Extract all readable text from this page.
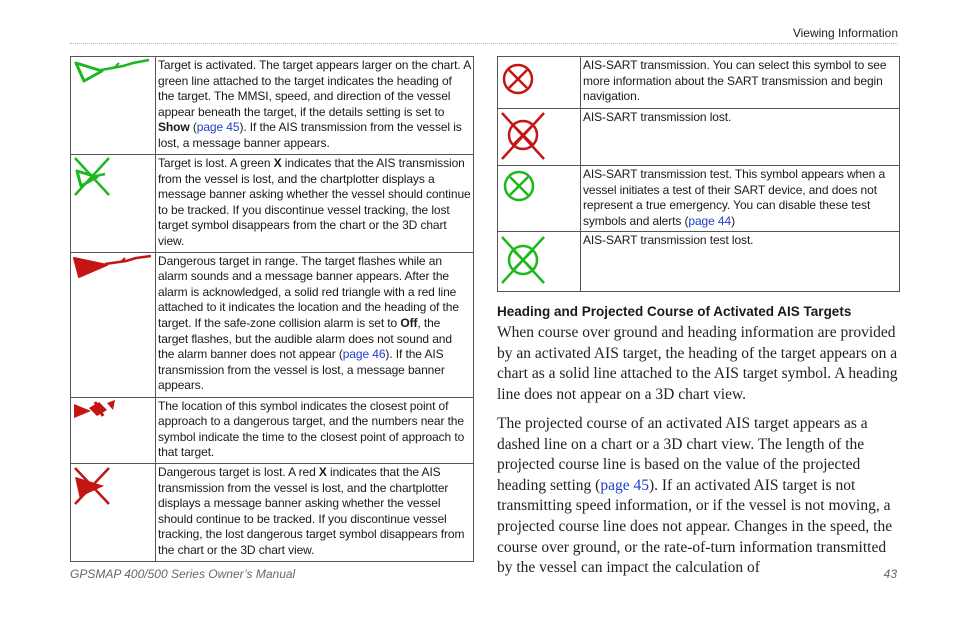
Viewing Information
	Target is activated. The target appears larger on the chart. A green line attached to the target indicates the heading of the target. The MMSI, speed, and direction of the vessel appear beneath the target, if the details setting is set to Show (page 45). If the AIS transmission from the vessel is lost, a message banner appears.

	Target is lost. A green X indicates that the AIS transmission from the vessel is lost, and the chartplotter displays a message banner asking whether the vessel should continue to be tracked. If you discontinue vessel tracking, the lost target symbol disappears from the chart or the 3D chart view.

	Dangerous target in range. The target flashes while an alarm sounds and a message banner appears. After the alarm is acknowledged, a solid red triangle with a red line attached to it indicates the location and the heading of the target. If the safe-zone collision alarm is set to Off, the target flashes, but the audible alarm does not sound and the alarm banner does not appear (page 46). If the AIS transmission from the vessel is lost, a message banner appears.

	The location of this symbol indicates the closest point of approach to a dangerous target, and the numbers near the symbol indicate the time to the closest point of approach to that target.

	Dangerous target is lost. A red X indicates that the AIS transmission from the vessel is lost, and the chartplotter displays a message banner asking whether the vessel should continue to be tracked. If you discontinue vessel tracking, the lost dangerous target symbol disappears from the chart or the 3D chart view.
	AIS-SART transmission. You can select this symbol to see more information about the SART transmission and begin navigation.

	AIS-SART transmission lost.

	AIS-SART transmission test. This symbol appears when a vessel initiates a test of their SART device, and does not represent a true emergency. You can disable these test symbols and alerts (page 44)

	AIS-SART transmission test lost.
Heading and Projected Course of Activated AIS Targets
When course over ground and heading information are provided by an activated AIS target, the heading of the target appears on a chart as a solid line attached to the AIS target symbol. A heading line does not appear on a 3D chart view.
The projected course of an activated AIS target appears as a dashed line on a chart or a 3D chart view. The length of the projected course line is based on the value of the projected heading setting (page 45). If an activated AIS target is not transmitting speed information, or if the vessel is not moving, a projected course line does not appear. Changes in the speed, the course over ground, or the rate-of-turn information transmitted by the vessel can impact the calculation of
GPSMAP 400/500 Series Owner’s Manual	43
